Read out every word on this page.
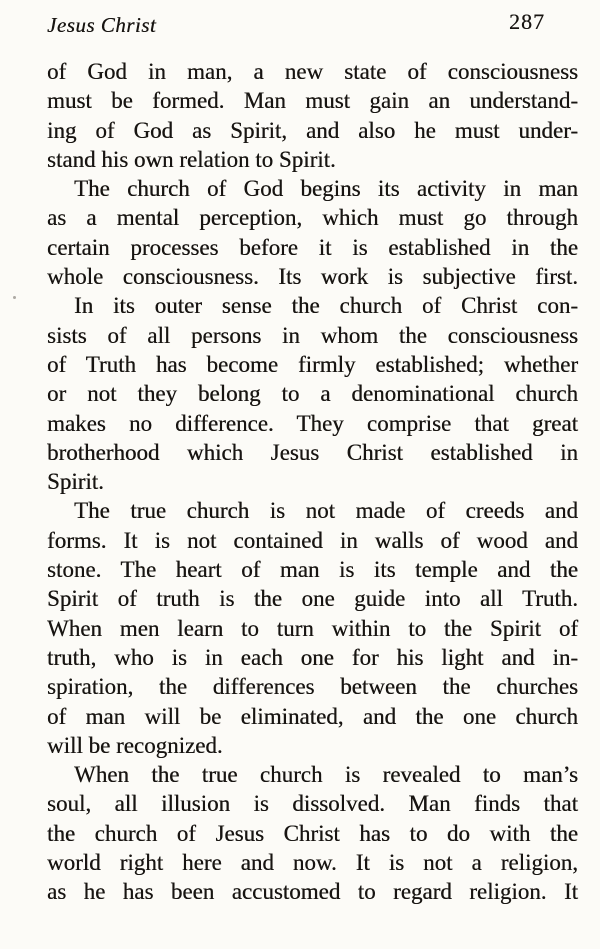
Jesus Christ	287
of God in man, a new state of consciousness
must be formed. Man must gain an understand-
ing of God as Spirit, and also he must under-
stand his own relation to Spirit.
The church of God begins its activity in man
as a mental perception, which must go through
certain processes before it is established in the
whole consciousness. Its work is subjective first.
In its outer sense the church of Christ con-
sists of all persons in whom the consciousness
of Truth has become firmly established; whether
or not they belong to a denominational church
makes no difference. They comprise that great
brotherhood which Jesus Christ established in
Spirit.
The true church is not made of creeds and
forms. It is not contained in walls of wood and
stone. The heart of man is its temple and the
Spirit of truth is the one guide into all Truth.
When men learn to turn within to the Spirit of
truth, who is in each one for his light and in-
spiration, the differences between the churches
of man will be eliminated, and the one church
will be recognized.
When the true church is revealed to man’s
soul, all illusion is dissolved. Man finds that
the church of Jesus Christ has to do with the
world right here and now. It is not a religion,
as he has been accustomed to regard religion. It
